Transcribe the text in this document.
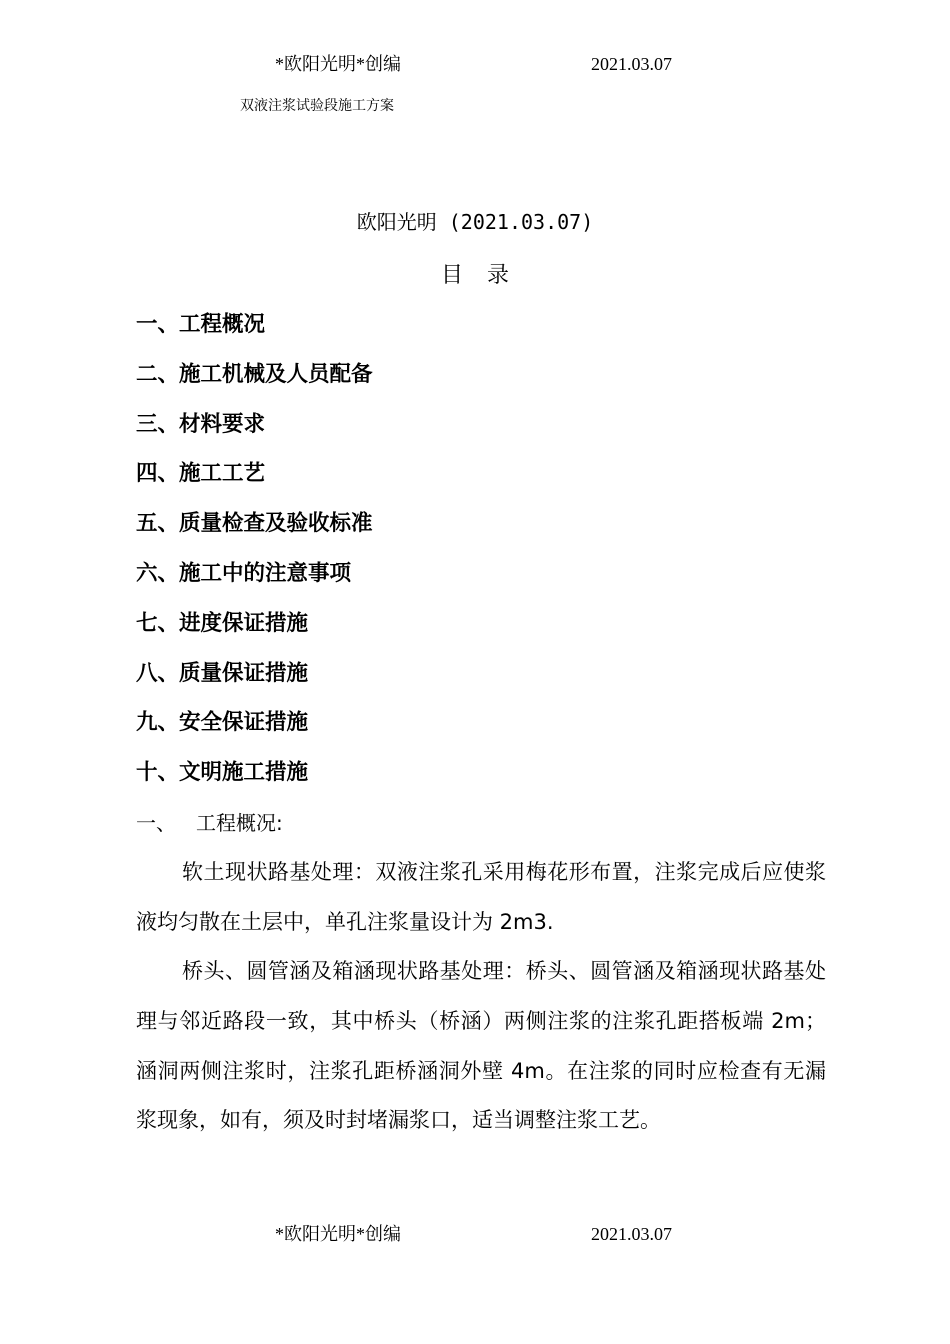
*欧阳光明*创编	2021.03.07
双液注浆试验段施工方案
欧阳光明 (2021.03.07)
目录
一、工程概况
二、施工机械及人员配备
三、材料要求
四、施工工艺
五、质量检查及验收标准
六、施工中的注意事项
七、进度保证措施
八、质量保证措施
九、安全保证措施
十、文明施工措施
一、 工程概况:

软土现状路基处理：双液注浆孔采用梅花形布置，注浆完成后应使浆液均匀散在土层中，单孔注浆量设计为 2m3.

桥头、圆管涵及箱涵现状路基处理：桥头、圆管涵及箱涵现状路基处理与邻近路段一致，其中桥头（桥涵）两侧注浆的注浆孔距搭板端 2m；涵洞两侧注浆时，注浆孔距桥涵洞外壁 4m。在注浆的同时应检查有无漏浆现象，如有，须及时封堵漏浆口，适当调整注浆工艺。

*欧阳光明*创编	2021.03.07
